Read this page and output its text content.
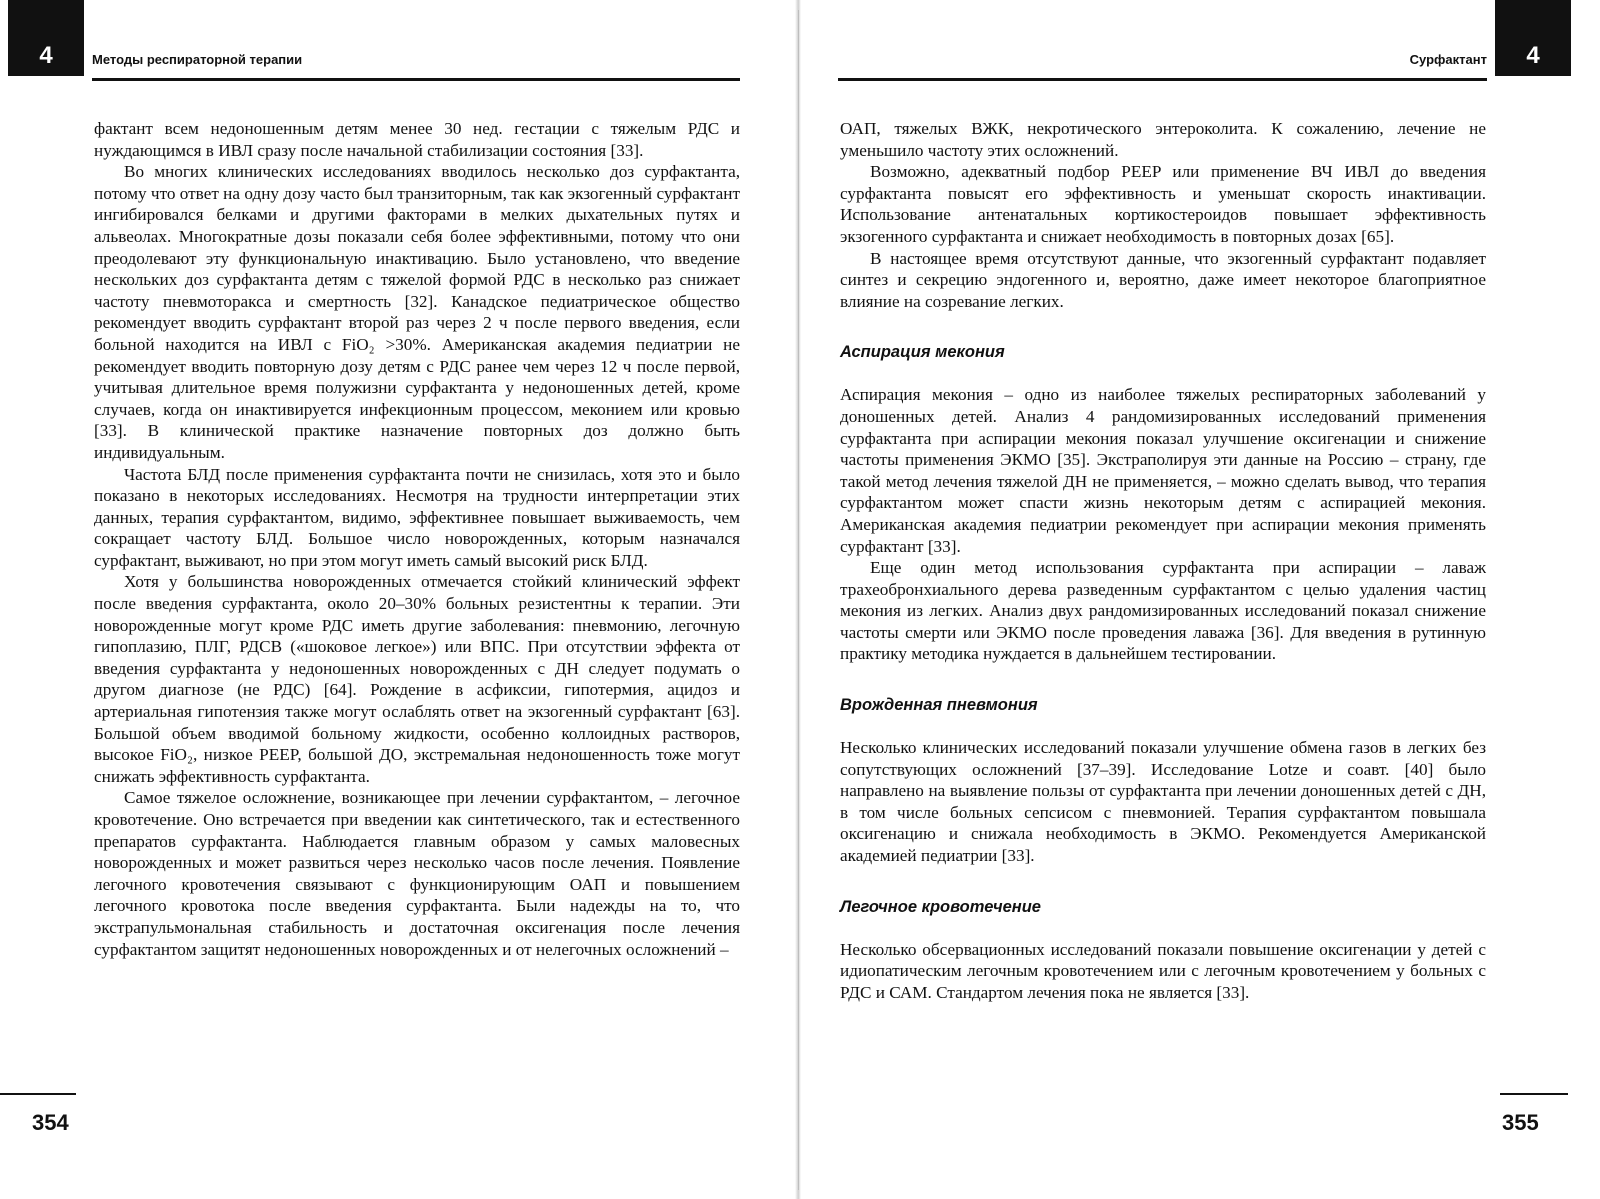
4	Методы респираторной терапии

фактант всем недоношенным детям менее 30 нед. гестации с тяжелым РДС и нуждающимся в ИВЛ сразу после начальной стабилизации состояния [33].

Во многих клинических исследованиях вводилось несколько доз сурфактанта, потому что ответ на одну дозу часто был транзиторным, так как экзогенный сурфактант ингибировался белками и другими факторами в мелких дыхательных путях и альвеолах. Многократные дозы показали себя более эффективными, потому что они преодолевают эту функциональную инактивацию. Было установлено, что введение нескольких доз сурфактанта детям с тяжелой формой РДС в несколько раз снижает частоту пневмоторакса и смертность [32]. Канадское педиатрическое общество рекомендует вводить сурфактант второй раз через 2 ч после первого введения, если больной находится на ИВЛ с FiO₂ >30%. Американская академия педиатрии не рекомендует вводить повторную дозу детям с РДС ранее чем через 12 ч после первой, учитывая длительное время полужизни сурфактанта у недоношенных детей, кроме случаев, когда он инактивируется инфекционным процессом, меконием или кровью [33]. В клинической практике назначение повторных доз должно быть индивидуальным.

Частота БЛД после применения сурфактанта почти не снизилась, хотя это и было показано в некоторых исследованиях. Несмотря на трудности интерпретации этих данных, терапия сурфактантом, видимо, эффективнее повышает выживаемость, чем сокращает частоту БЛД. Большое число новорожденных, которым назначался сурфактант, выживают, но при этом могут иметь самый высокий риск БЛД.

Хотя у большинства новорожденных отмечается стойкий клинический эффект после введения сурфактанта, около 20–30% больных резистентны к терапии. Эти новорожденные могут кроме РДС иметь другие заболевания: пневмонию, легочную гипоплазию, ПЛГ, РДСВ («шоковое легкое») или ВПС. При отсутствии эффекта от введения сурфактанта у недоношенных новорожденных с ДН следует подумать о другом диагнозе (не РДС) [64]. Рождение в асфиксии, гипотермия, ацидоз и артериальная гипотензия также могут ослаблять ответ на экзогенный сурфактант [63]. Большой объем вводимой больному жидкости, особенно коллоидных растворов, высокое FiO₂, низкое PEEP, большой ДО, экстремальная недоношенность тоже могут снижать эффективность сурфактанта.

Самое тяжелое осложнение, возникающее при лечении сурфактантом, – легочное кровотечение. Оно встречается при введении как синтетического, так и естественного препаратов сурфактанта. Наблюдается главным образом у самых маловесных новорожденных и может развиться через несколько часов после лечения. Появление легочного кровотечения связывают с функционирующим ОАП и повышением легочного кровотока после введения сурфактанта. Были надежды на то, что экстрапульмональная стабильность и достаточная оксигенация после лечения сурфактантом защитят недоношенных новорожденных и от нелегочных осложнений –

354
4
Сурфактант

ОАП, тяжелых ВЖК, некротического энтероколита. К сожалению, лечение не уменьшило частоту этих осложнений.

Возможно, адекватный подбор PEEP или применение ВЧ ИВЛ до введения сурфактанта повысят его эффективность и уменьшат скорость инактивации. Использование антенатальных кортикостероидов повышает эффективность экзогенного сурфактанта и снижает необходимость в повторных дозах [65].

В настоящее время отсутствуют данные, что экзогенный сурфактант подавляет синтез и секрецию эндогенного и, вероятно, даже имеет некоторое благоприятное влияние на созревание легких.

Аспирация мекония

Аспирация мекония – одно из наиболее тяжелых респираторных заболеваний у доношенных детей. Анализ 4 рандомизированных исследований применения сурфактанта при аспирации мекония показал улучшение оксигенации и снижение частоты применения ЭКМО [35]. Экстраполируя эти данные на Россию – страну, где такой метод лечения тяжелой ДН не применяется, – можно сделать вывод, что терапия сурфактантом может спасти жизнь некоторым детям с аспирацией мекония. Американская академия педиатрии рекомендует при аспирации мекония применять сурфактант [33].

Еще один метод использования сурфактанта при аспирации – лаваж трахеобронхиального дерева разведенным сурфактантом с целью удаления частиц мекония из легких. Анализ двух рандомизированных исследований показал снижение частоты смерти или ЭКМО после проведения лаважа [36]. Для введения в рутинную практику методика нуждается в дальнейшем тестировании.

Врожденная пневмония

Несколько клинических исследований показали улучшение обмена газов в легких без сопутствующих осложнений [37–39]. Исследование Lotze и соавт. [40] было направлено на выявление пользы от сурфактанта при лечении доношенных детей с ДН, в том числе больных сепсисом с пневмонией. Терапия сурфактантом повышала оксигенацию и снижала необходимость в ЭКМО. Рекомендуется Американской академией педиатрии [33].

Легочное кровотечение

Несколько обсервационных исследований показали повышение оксигенации у детей с идиопатическим легочным кровотечением или с легочным кровотечением у больных с РДС и САМ. Стандартом лечения пока не является [33].

355
